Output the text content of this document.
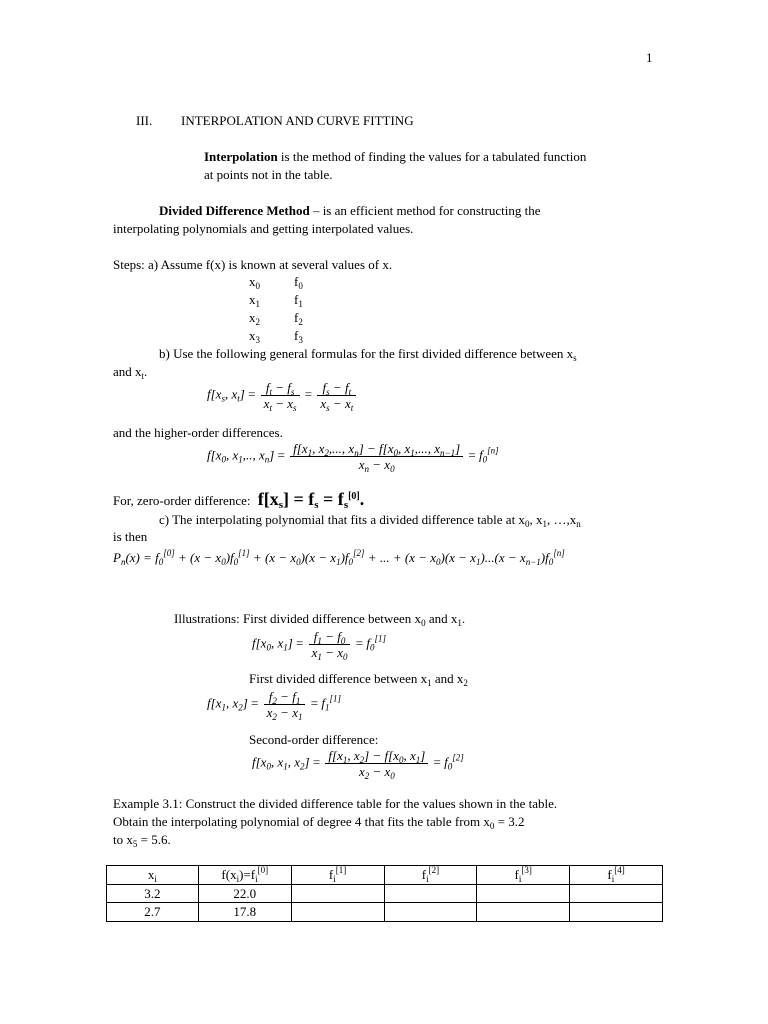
1
III. INTERPOLATION AND CURVE FITTING
Interpolation is the method of finding the values for a tabulated function
at points not in the table.
Divided Difference Method – is an efficient method for constructing the
interpolating polynomials and getting interpolated values.
Steps: a) Assume f(x) is known at several values of x.
$x_0$	$f_0$
$x_1$	$f_1$
$x_2$	$f_2$
$x_3$	$f_3$
b) Use the following general formulas for the first divided difference between $x_s$
and $x_t$.
$f[x_s$, $x_t] = \frac{f_t - f_s}{x_t - x_s} = \frac{f_s - f_t}{x_s - x_t}$
and the higher-order differences.
$f[x_0$, $x_1$,.., $x_n] = \frac{f[x_1, x_2,..., x_n] - f[x_0, x_1,..., x_{n-1}]}{x_n - x_0} = f_0[n]$
For, zero-order difference: $f[x_s] = f_s = f_s[0]$.
c) The interpolating polynomial that fits a divided difference table at $x_0$, $x_1$, $\dots,x_n$
is then
$P_n(x) = f_0[0] + (x - x_0)f_0[1] + (x - x_0)(x - x_1)f_0[2]$ + ... + $(x - x_0)(x - x_1)...(x - x_{n-1})f_0[n]$
Illustrations: First divided difference between $x_0$ and $x_1$.
$f[x_0$, $x_1] = \frac{f_1 - f_0}{x_1 - x_0} = f_0[1]$
First divided difference between $x_1$ and $x_2$
$f[x_1$, $x_2] = \frac{f_2 - f_1}{x_2 - x_1} = f_1[1]$
Second-order difference:
$f[x_0$, $x_1$, $x_2] = \frac{f[x_1, x_2] - f[x_0, x_1]}{x_2 - x_0} = f_0[2]$
Example 3.1: Construct the divided difference table for the values shown in the table.
Obtain the interpolating polynomial of degree 4 that fits the table from $x_0 = 3.2$
to $x_5 = 5.6$.
$x_i$	$f(x_i)=f_i[0]$	$f_i[1]$	$f_i[2]$	$f_i[3]$	$f_i[4]$
3.2	22.0				
2.7	17.8				
